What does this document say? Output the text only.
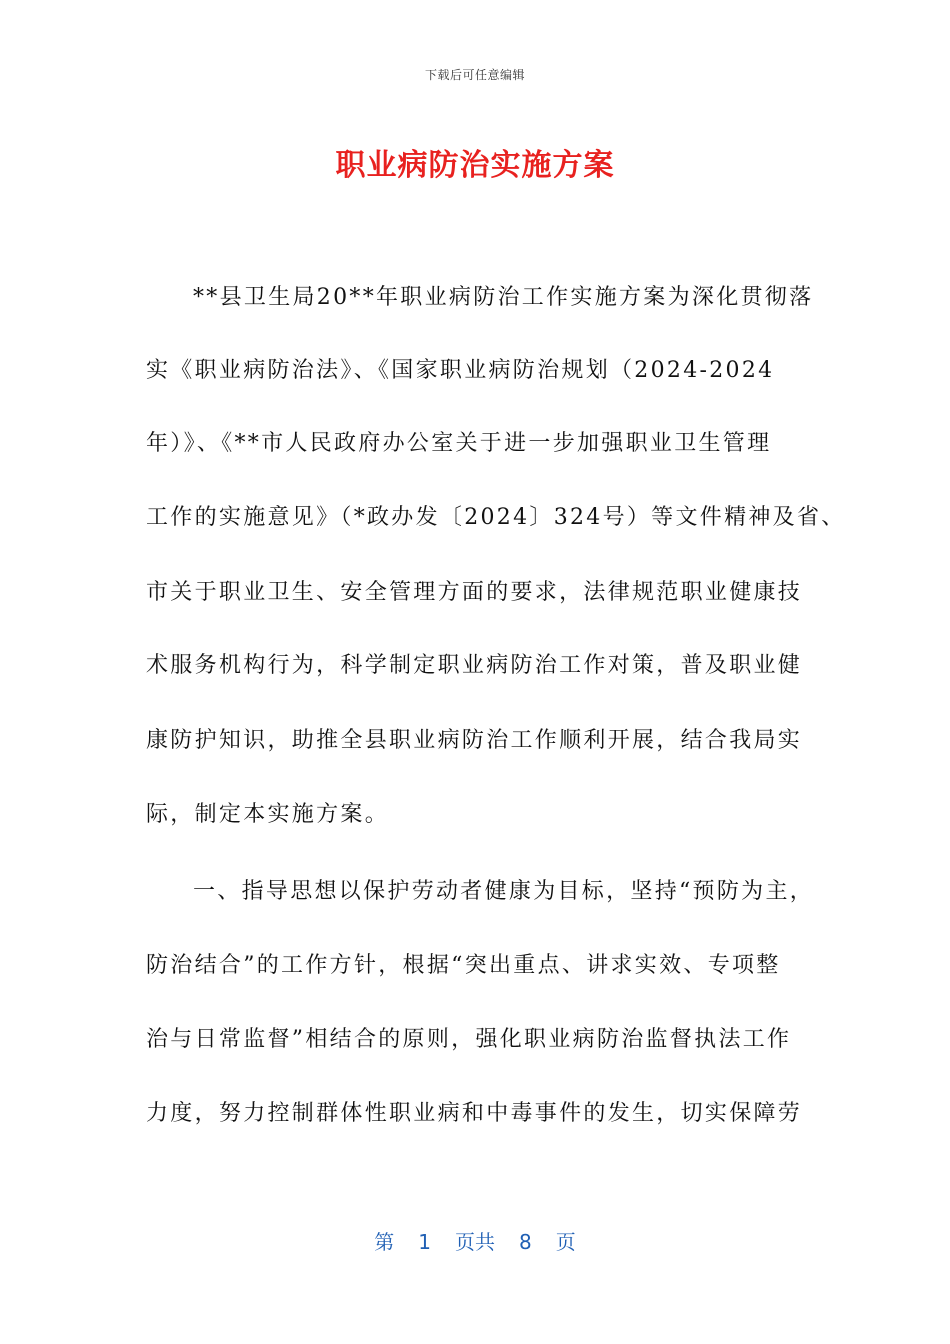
下载后可任意编辑
职业病防治实施方案
**县卫生局20**年职业病防治工作实施方案为深化贯彻落
实《职业病防治法》、《国家职业病防治规划（2024-2024
年）》、《**市人民政府办公室关于进一步加强职业卫生管理
工作的实施意见》（*政办发〔2024〕324号）等文件精神及省、
市关于职业卫生、安全管理方面的要求，法律规范职业健康技
术服务机构行为，科学制定职业病防治工作对策，普及职业健
康防护知识，助推全县职业病防治工作顺利开展，结合我局实
际，制定本实施方案。
一、指导思想以保护劳动者健康为目标，坚持“预防为主，
防治结合”的工作方针，根据“突出重点、讲求实效、专项整
治与日常监督”相结合的原则，强化职业病防治监督执法工作
力度，努力控制群体性职业病和中毒事件的发生，切实保障劳
第 1 页共 8 页
